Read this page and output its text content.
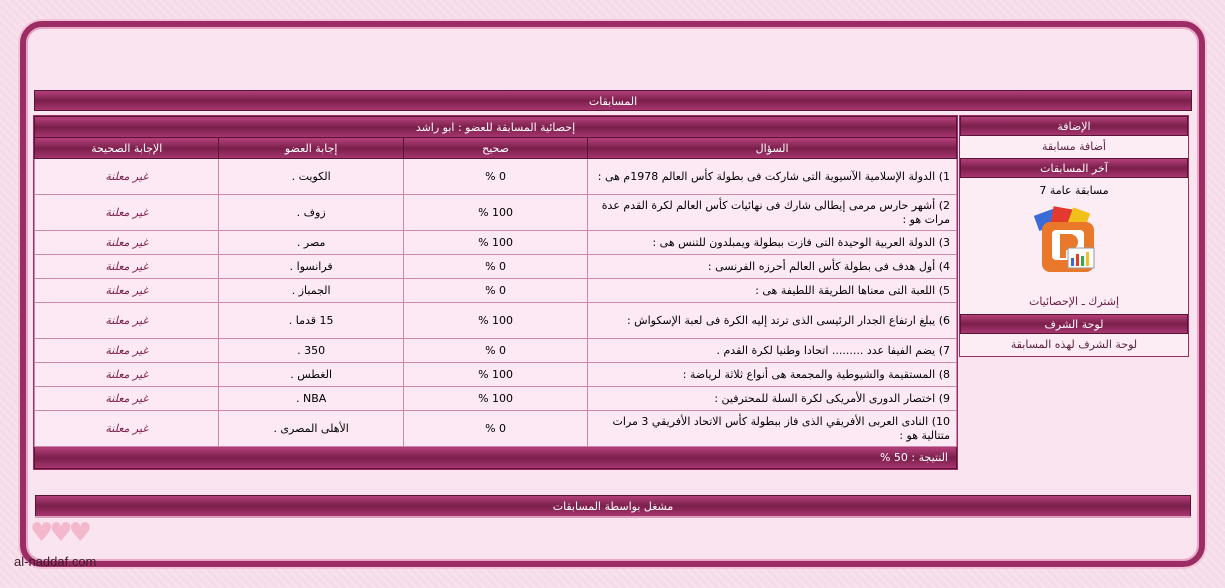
المسابقات
إحصائية المسابقة للعضو : ابو راشد			
السؤال	صحيح	إجابة العضو	الإجابة الصحيحة
1) الدولة الإسلامية الآسيوية التى شاركت فى بطولة كأس العالم 1978م هى :	0 %	الكويت .	غير معلنة
2) أشهر حارس مرمى إيطالى شارك فى نهائيات كأس العالم لكرة القدم عدة مرات هو :	100 %	زوف .	غير معلنة
3) الدولة العربية الوحيدة التى فازت ببطولة ويمبلدون للتنس هى :	100 %	مصر .	غير معلنة
4) أول هدف فى بطولة كأس العالم أحرزه الفرنسى :	0 %	فرانسوا .	غير معلنة
5) اللعبة التى معناها الطريقة اللطيفة هى :	0 %	الجمباز .	غير معلنة
6) يبلغ ارتفاع الجدار الرئيسى الذى ترتد إليه الكرة فى لعبة الإسكواش :	100 %	15 قدما .	غير معلنة
7) يضم الفيفا عدد ......... اتحادا وطنيا لكرة القدم .	0 %	350 .	غير معلنة
8) المستقيمة والشيوطية والمجمعة هى أنواع ثلاثة لرياضة :	100 %	الغطس .	غير معلنة
9) اختصار الدورى الأمريكى لكرة السلة للمحترفين :	100 %	NBA .	غير معلنة
10) النادى العربى الأفريقي الذى فاز ببطولة كأس الاتحاد الأفريقي 3 مرات متتالية هو :	0 %	الأهلى المصرى .	غير معلنة
النتيجة : 50 %			
الإضافة
أضافة مسابقة
آخر المسابقات
مسابقة عامة 7
إشترك ـ الإحصائيات
لوحة الشرف
لوحة الشرف لهذه المسابقة
مشغل بواسطة المسابقات
♥♥♥
al-naddaf.com
